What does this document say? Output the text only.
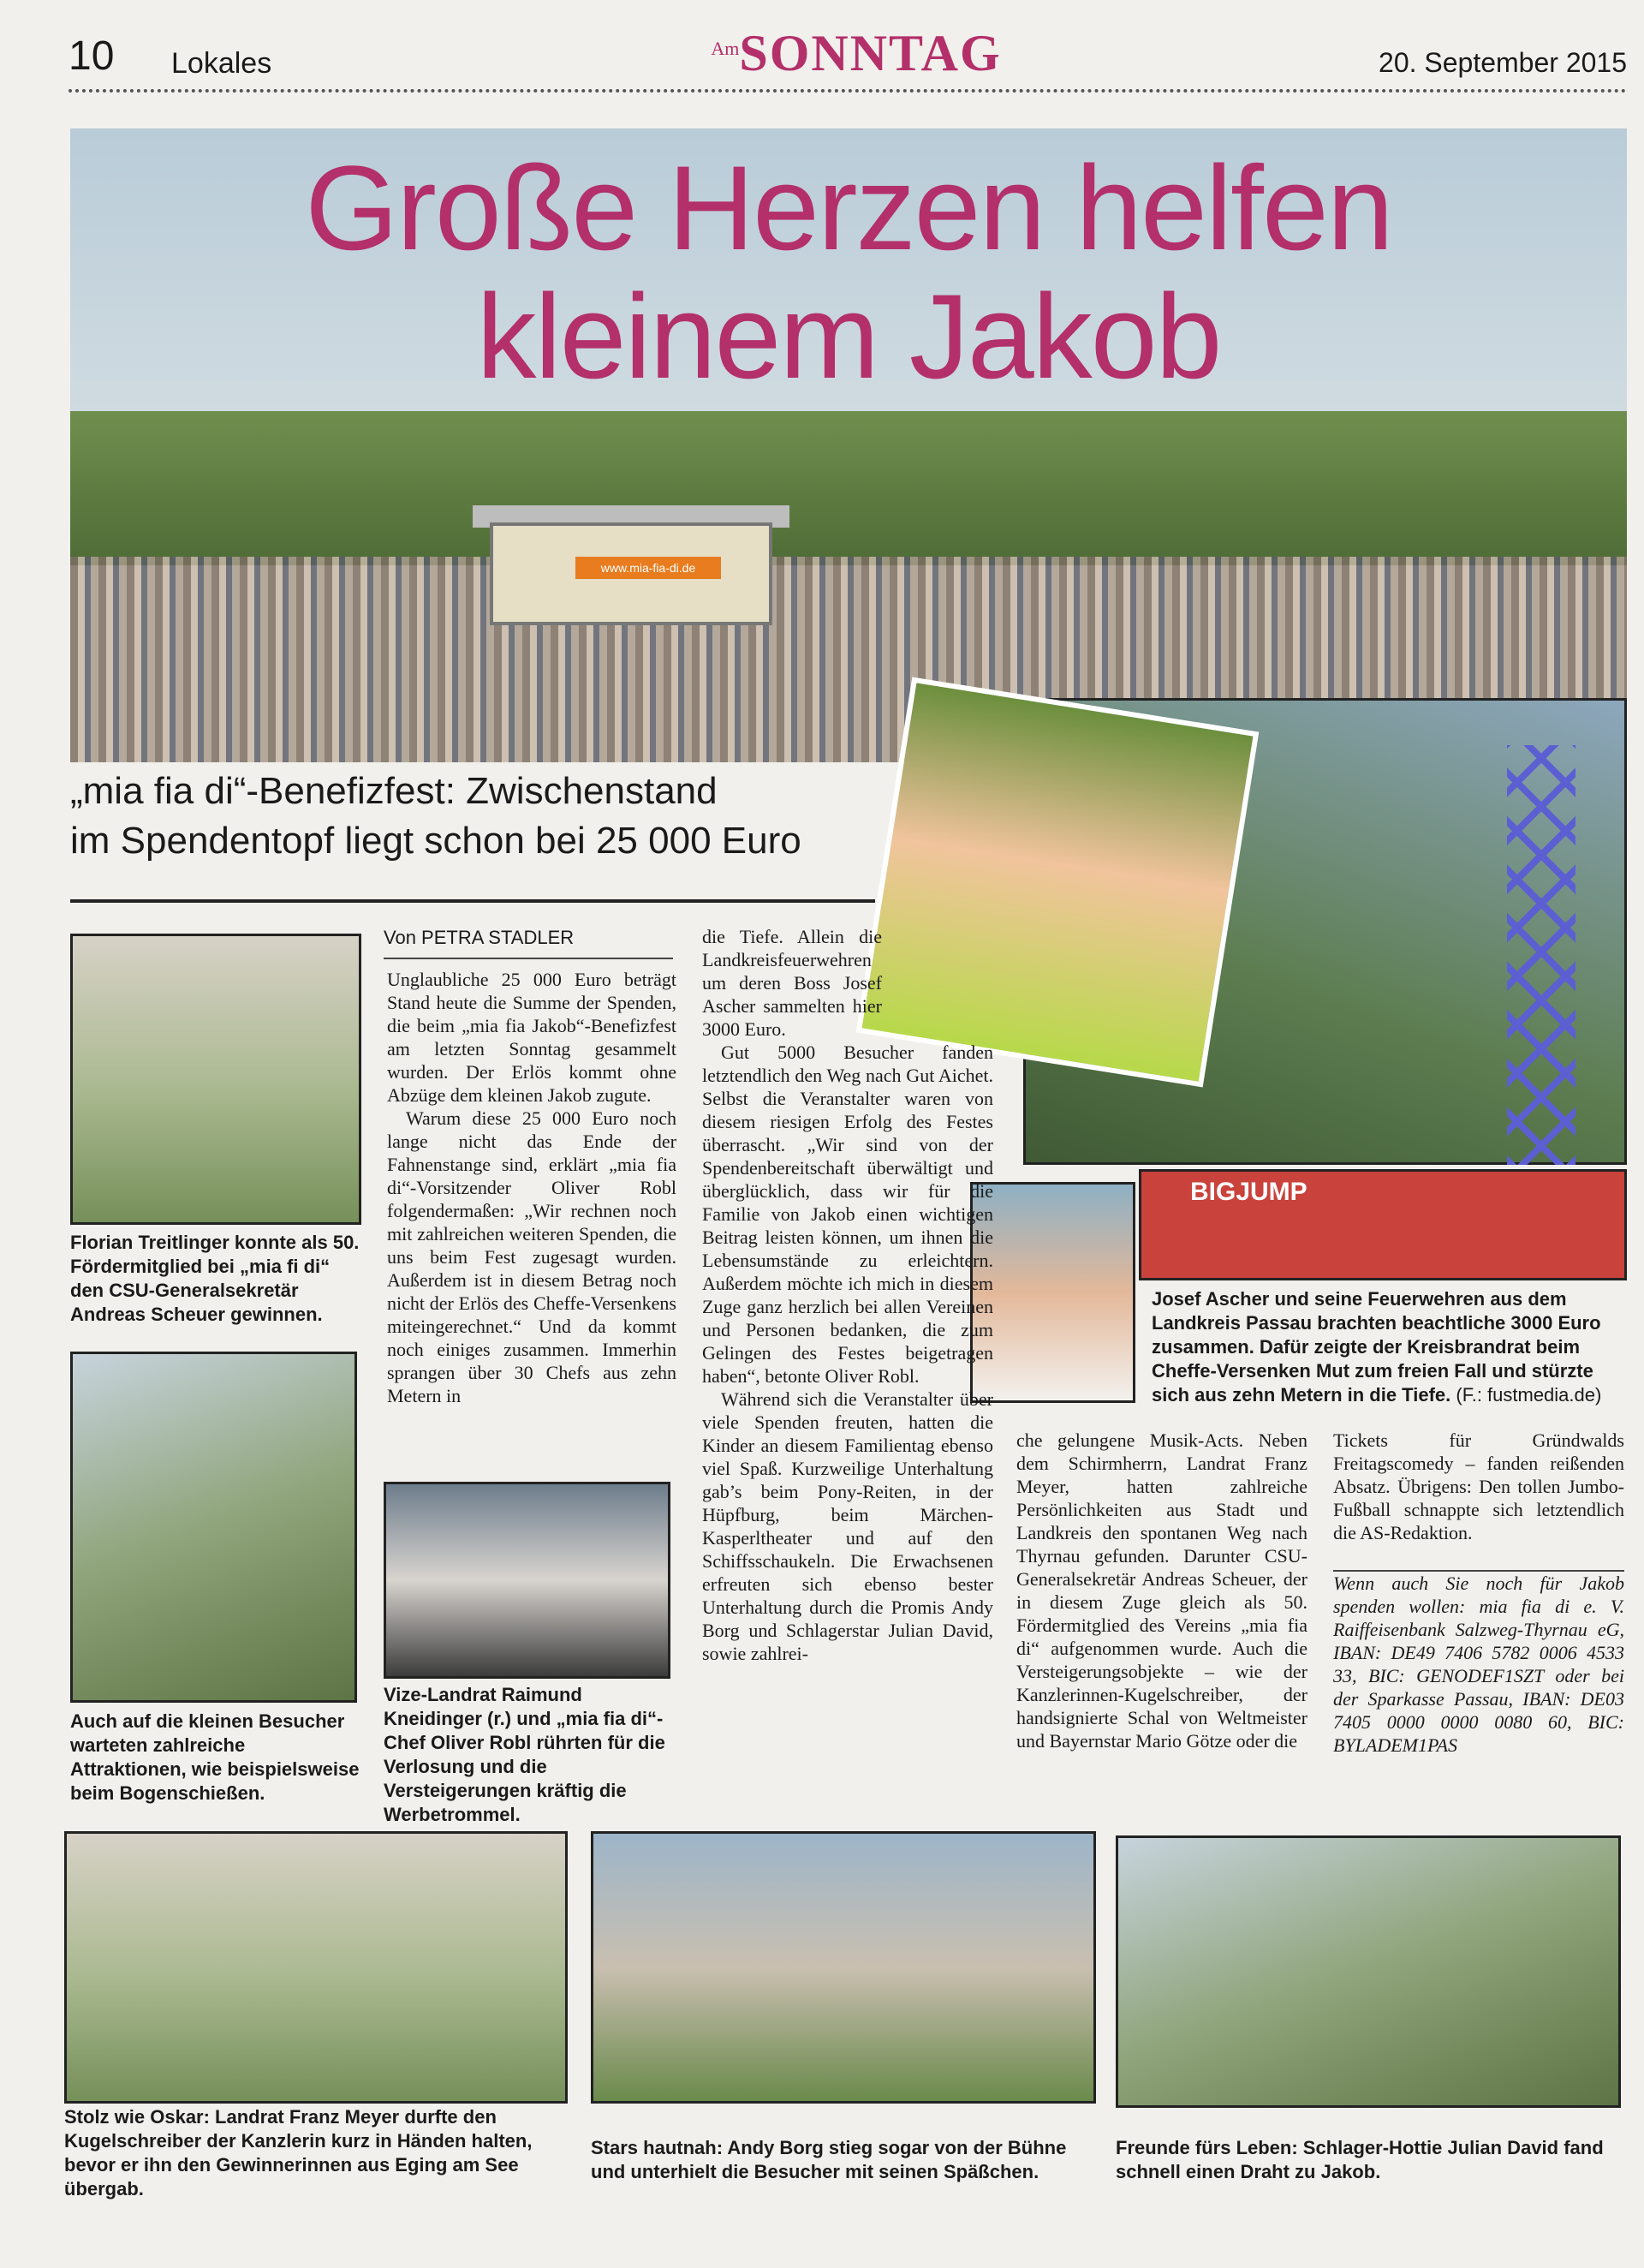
10 Lokales	AmSONNTAG	20. September 2015
www.mia-fia-di.de
Große Herzen helfen
kleinem Jakob
„mia fia di“-Benefizfest: Zwischenstand
im Spendentopf liegt schon bei 25 000 Euro
BIGJUMP
Josef Ascher und seine Feuerwehren aus dem Landkreis Passau brachten beachtliche 3000 Euro zusammen. Dafür zeigte der Kreisbrandrat beim Cheffe-Versenken Mut zum freien Fall und stürzte sich aus zehn Metern in die Tiefe. (F.: fustmedia.de)
Florian Treitlinger konnte als 50. Fördermitglied bei „mia fi di“ den CSU-Generalsekretär Andreas Scheuer gewinnen.
Auch auf die kleinen Besucher warteten zahlreiche Attraktionen, wie beispielsweise beim Bogenschießen.
Vize-Landrat Raimund Kneidinger (r.) und „mia fia di“-Chef Oliver Robl rührten für die Verlosung und die Versteigerungen kräftig die Werbetrommel.
Von PETRA STADLER

Unglaubliche 25 000 Euro beträgt Stand heute die Summe der Spenden, die beim „mia fia Jakob“-Benefizfest am letzten Sonntag gesammelt wurden. Der Erlös kommt ohne Abzüge dem kleinen Jakob zugute.

Warum diese 25 000 Euro noch lange nicht das Ende der Fahnenstange sind, erklärt „mia fia di“-Vorsitzender Oliver Robl folgendermaßen: „Wir rechnen noch mit zahlreichen weiteren Spenden, die uns beim Fest zugesagt wurden. Außerdem ist in diesem Betrag noch nicht der Erlös des Cheffe-Versenkens miteingerechnet.“ Und da kommt noch einiges zusammen. Immerhin sprangen über 30 Chefs aus zehn Metern in

die Tiefe. Allein die Landkreisfeuerwehren um deren Boss Josef Ascher sammelten hier 3000 Euro.

Gut 5000 Besucher fanden letztendlich den Weg nach Gut Aichet. Selbst die Veranstalter waren von diesem riesigen Erfolg des Festes überrascht. „Wir sind von der Spendenbereitschaft überwältigt und überglücklich, dass wir für die Familie von Jakob einen wichtigen Beitrag leisten können, um ihnen die Lebensumstände zu erleichtern. Außerdem möchte ich mich in diesem Zuge ganz herzlich bei allen Vereinen und Personen bedanken, die zum Gelingen des Festes beigetragen haben“, betonte Oliver Robl.

Während sich die Veranstalter über viele Spenden freuten, hatten die Kinder an diesem Familientag ebenso viel Spaß. Kurzweilige Unterhaltung gab’s beim Pony-Reiten, in der Hüpfburg, beim Märchen-Kasperltheater und auf den Schiffsschaukeln. Die Erwachsenen erfreuten sich ebenso bester Unterhaltung durch die Promis Andy Borg und Schlagerstar Julian David, sowie zahlrei-

che gelungene Musik-Acts. Neben dem Schirmherrn, Landrat Franz Meyer, hatten zahlreiche Persönlichkeiten aus Stadt und Landkreis den spontanen Weg nach Thyrnau gefunden. Darunter CSU-Generalsekretär Andreas Scheuer, der in diesem Zuge gleich als 50. Fördermitglied des Vereins „mia fia di“ aufgenommen wurde. Auch die Versteigerungsobjekte – wie der Kanzlerinnen-Kugelschreiber, der handsignierte Schal von Weltmeister und Bayernstar Mario Götze oder die

Tickets für Gründwalds Freitagscomedy – fanden reißenden Absatz. Übrigens: Den tollen Jumbo-Fußball schnappte sich letztendlich die AS-Redaktion.

Wenn auch Sie noch für Jakob spenden wollen: mia fia di e. V. Raiffeisenbank Salzweg-Thyrnau eG, IBAN: DE49 7406 5782 0006 4533 33, BIC: GENODEF1SZT oder bei der Sparkasse Passau, IBAN: DE03 7405 0000 0000 0080 60, BIC: BYLADEM1PAS

Stolz wie Oskar: Landrat Franz Meyer durfte den Kugelschreiber der Kanzlerin kurz in Händen halten, bevor er ihn den Gewinnerinnen aus Eging am See übergab.
Stars hautnah: Andy Borg stieg sogar von der Bühne und unterhielt die Besucher mit seinen Späßchen.
Freunde fürs Leben: Schlager-Hottie Julian David fand schnell einen Draht zu Jakob.
